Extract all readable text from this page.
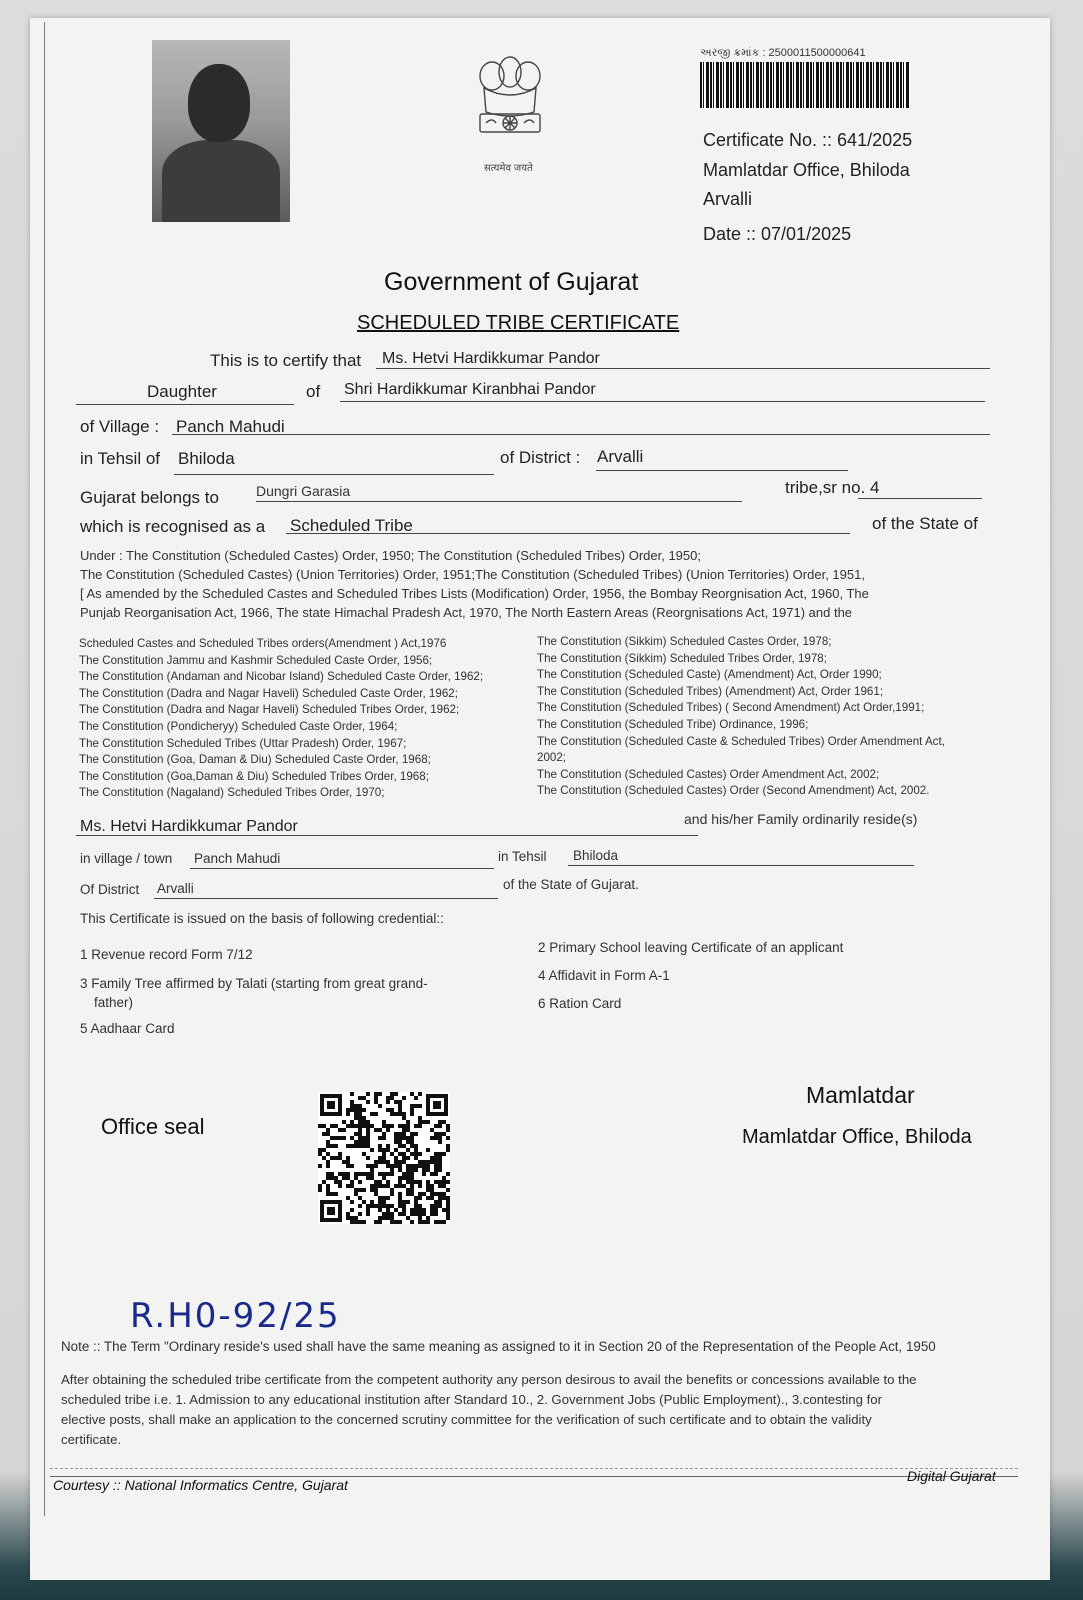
सत्यमेव जयते
અરજી ક્રમાંક : 2500011500000641
Certificate No. :: 641/2025
Mamlatdar Office, Bhiloda
Arvalli
Date :: 07/01/2025
Government of Gujarat
SCHEDULED TRIBE CERTIFICATE
This is to certify that Ms. Hetvi Hardikkumar Pandor
Daughter	of Shri Hardikkumar Kiranbhai Pandor
of Village : Panch Mahudi
in Tehsil of Bhiloda	of District : Arvalli
Gujarat belongs to	Dungri Garasia	tribe,sr no. 4
which is recognised as a Scheduled Tribe	of the State of
Under : The Constitution (Scheduled Castes) Order, 1950; The Constitution (Scheduled Tribes) Order, 1950;
The Constitution (Scheduled Castes) (Union Territories) Order, 1951;The Constitution (Scheduled Tribes) (Union Territories) Order, 1951,
[ As amended by the Scheduled Castes and Scheduled Tribes Lists (Modification) Order, 1956, the Bombay Reorgnisation Act, 1960, The
Punjab Reorganisation Act, 1966, The state Himachal Pradesh Act, 1970, The North Eastern Areas (Reorgnisations Act, 1971) and the
Scheduled Castes and Scheduled Tribes orders(Amendment ) Act,1976
The Constitution Jammu and Kashmir Scheduled Caste Order, 1956;
The Constitution (Andaman and Nicobar Island) Scheduled Caste Order, 1962;
The Constitution (Dadra and Nagar Haveli) Scheduled Caste Order, 1962;
The Constitution (Dadra and Nagar Haveli) Scheduled Tribes Order, 1962;
The Constitution (Pondicheryy) Scheduled Caste Order, 1964;
The Constitution Scheduled Tribes (Uttar Pradesh) Order, 1967;
The Constitution (Goa, Daman & Diu) Scheduled Caste Order, 1968;
The Constitution (Goa,Daman & Diu) Scheduled Tribes Order, 1968;
The Constitution (Nagaland) Scheduled Tribes Order, 1970;
The Constitution (Sikkim) Scheduled Castes Order, 1978;
The Constitution (Sikkim) Scheduled Tribes Order, 1978;
The Constitution (Scheduled Caste) (Amendment) Act, Order 1990;
The Constitution (Scheduled Tribes) (Amendment) Act, Order 1961;
The Constitution (Scheduled Tribes) ( Second Amendment) Act Order,1991;
The Constitution (Scheduled Tribe) Ordinance, 1996;
The Constitution (Scheduled Caste & Scheduled Tribes) Order Amendment Act,
2002;
The Constitution (Scheduled Castes) Order Amendment Act, 2002;
The Constitution (Scheduled Castes) Order (Second Amendment) Act, 2002.
Ms. Hetvi Hardikkumar Pandor	and his/her Family ordinarily reside(s)
in village / town Panch Mahudi	in Tehsil Bhiloda
Of District Arvalli	of the State of Gujarat.
This Certificate is issued on the basis of following credential::
1 Revenue record Form 7/12	2 Primary School leaving Certificate of an applicant
3 Family Tree affirmed by Talati (starting from great grand-
father)
4 Affidavit in Form A-1
5 Aadhaar Card
6 Ration Card
Office seal
Mamlatdar
Mamlatdar Office, Bhiloda
R.H0-92/25
Note :: The Term "Ordinary reside's used shall have the same meaning as assigned to it in Section 20 of the Representation of the People Act, 1950
After obtaining the scheduled tribe certificate from the competent authority any person desirous to avail the benefits or concessions available to the
scheduled tribe i.e. 1. Admission to any educational institution after Standard 10., 2. Government Jobs (Public Employment)., 3.contesting for
elective posts, shall make an application to the concerned scrutiny committee for the verification of such certificate and to obtain the validity
certificate.
Courtesy :: National Informatics Centre, Gujarat
Digital Gujarat
